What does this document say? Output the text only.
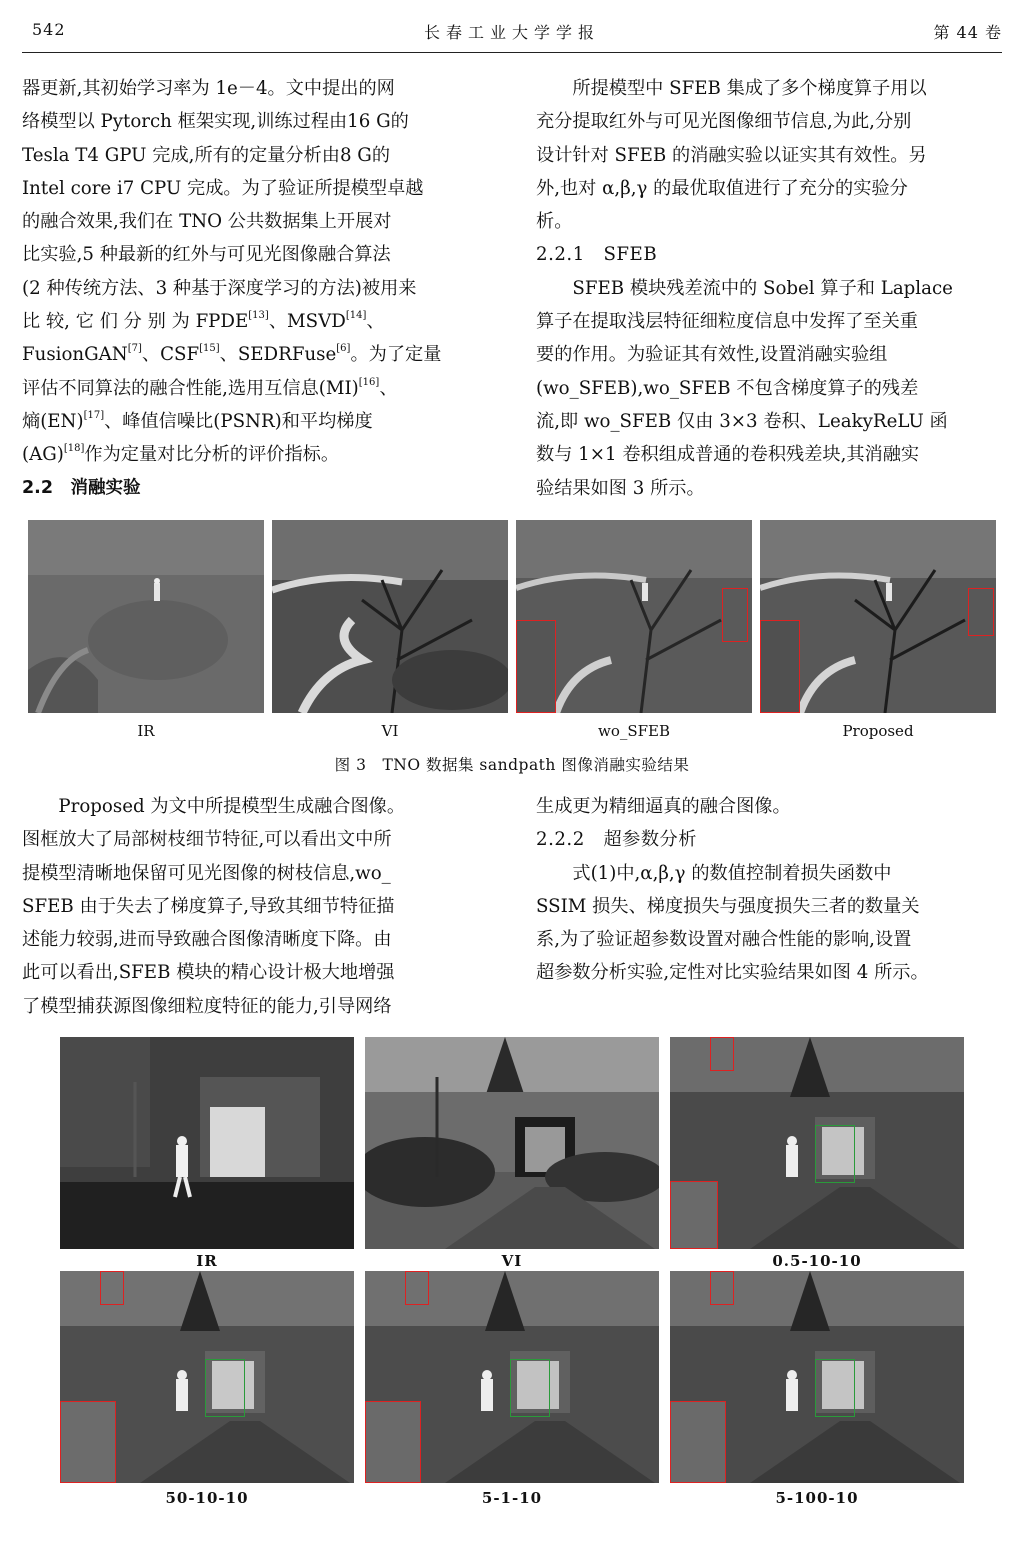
542	长春工业大学学报	第 44 卷

器更新,其初始学习率为 1e－4。文中提出的网

络模型以 Pytorch 框架实现,训练过程由16 G的

Tesla T4 GPU 完成,所有的定量分析由8 G的

Intel core i7 CPU 完成。为了验证所提模型卓越

的融合效果,我们在 TNO 公共数据集上开展对

比实验,5 种最新的红外与可见光图像融合算法

(2 种传统方法、3 种基于深度学习的方法)被用来

比 较, 它 们 分 别 为 FPDE[13]、MSVD[14]、

FusionGAN[7]、CSF[15]、SEDRFuse[6]。为了定量

评估不同算法的融合性能,选用互信息(MI)[16]、

熵(EN)[17]、峰值信噪比(PSNR)和平均梯度

(AG)[18]作为定量对比分析的评价指标。

2.2　消融实验

所提模型中 SFEB 集成了多个梯度算子用以

充分提取红外与可见光图像细节信息,为此,分别

设计针对 SFEB 的消融实验以证实其有效性。另

外,也对 α,β,γ 的最优取值进行了充分的实验分

析。

2.2.1　SFEB

SFEB 模块残差流中的 Sobel 算子和 Laplace

算子在提取浅层特征细粒度信息中发挥了至关重

要的作用。为验证其有效性,设置消融实验组

(wo_SFEB),wo_SFEB 不包含梯度算子的残差

流,即 wo_SFEB 仅由 3×3 卷积、LeakyReLU 函

数与 1×1 卷积组成普通的卷积残差块,其消融实

验结果如图 3 所示。

IR	VI	wo_SFEB	Proposed
图 3　TNO 数据集 sandpath 图像消融实验结果

Proposed 为文中所提模型生成融合图像。

图框放大了局部树枝细节特征,可以看出文中所

提模型清晰地保留可见光图像的树枝信息,wo_

SFEB 由于失去了梯度算子,导致其细节特征描

述能力较弱,进而导致融合图像清晰度下降。由

此可以看出,SFEB 模块的精心设计极大地增强

了模型捕获源图像细粒度特征的能力,引导网络

生成更为精细逼真的融合图像。

2.2.2　超参数分析

式(1)中,α,β,γ 的数值控制着损失函数中

SSIM 损失、梯度损失与强度损失三者的数量关

系,为了验证超参数设置对融合性能的影响,设置

超参数分析实验,定性对比实验结果如图 4 所示。

IR	VI	0.5-10-10
50-10-10	5-1-10	5-100-10
